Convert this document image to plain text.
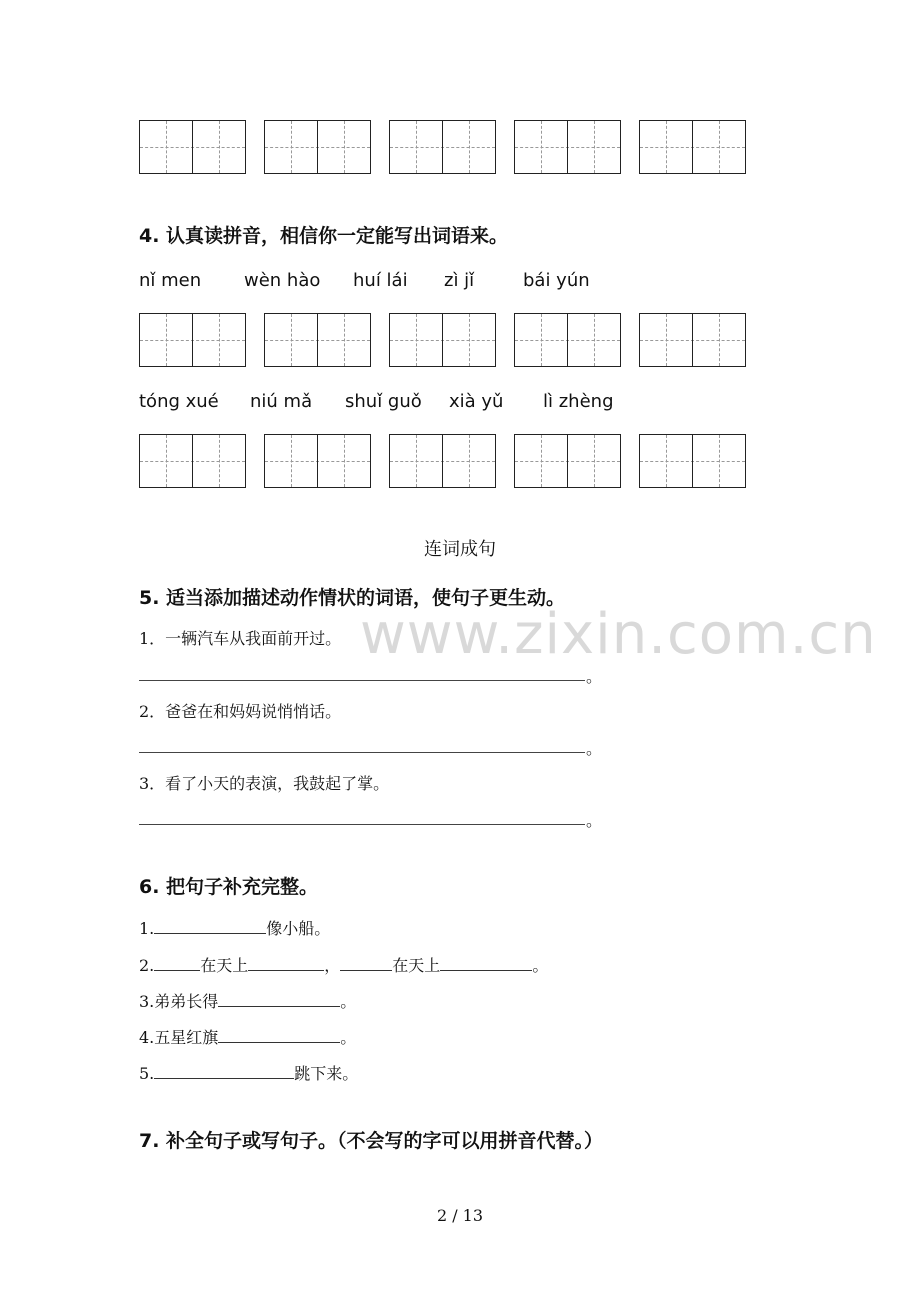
4. 认真读拼音，相信你一定能写出词语来。
nǐ men wèn hào huí lái zì jǐ	bái yún
tóng xué niú mǎ shuǐ guǒ xià yǔ lì zhèng
连词成句
www.zixin.com.cn
5. 适当添加描述动作情状的词语，使句子更生动。
1．一辆汽车从我面前开过。
。
2．爸爸在和妈妈说悄悄话。
。
3．看了小天的表演，我鼓起了掌。
。
6. 把句子补充完整。
1.	像小船。
2.	在天上	，	在天上	。
3.弟弟长得	。
4.五星红旗	。
5.	跳下来。
7. 补全句子或写句子。（不会写的字可以用拼音代替。）
2 / 13
